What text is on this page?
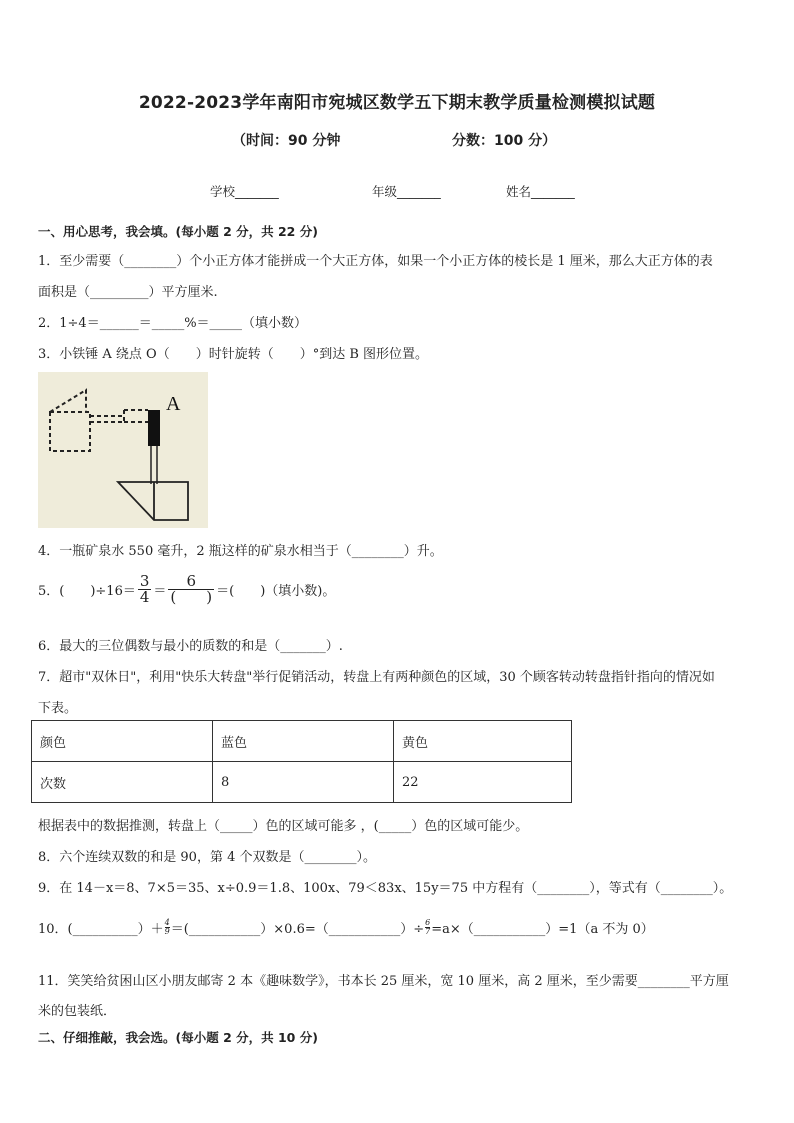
2022-2023学年南阳市宛城区数学五下期末教学质量检测模拟试题
（时间：90 分钟	分数：100 分）
学校_______	年级_______	姓名_______
一、用心思考，我会填。(每小题 2 分，共 22 分)
1．至少需要（________）个小正方体才能拼成一个大正方体，如果一个小正方体的棱长是 1 厘米，那么大正方体的表
面积是（_________）平方厘米.
2．1÷4＝______＝_____%＝_____（填小数）
3．小铁锤 A 绕点 O（　　）时针旋转（　　）°到达 B 图形位置。
A
4．一瓶矿泉水 550 毫升，2 瓶这样的矿泉水相当于（________）升。
5．(　　)$\div 16= \frac{3}{4} = \frac{6}{( )}$ ＝(　　)（填小数)。
6．最大的三位偶数与最小的质数的和是（_______）.
7．超市"双休日"，利用"快乐大转盘"举行促销活动，转盘上有两种颜色的区域，30 个顾客转动转盘指针指向的情况如
下表。
颜色	蓝色	黄色
次数	8	22
根据表中的数据推测，转盘上（_____）色的区域可能多 ，(_____）色的区域可能少。
8．六个连续双数的和是 90，第 4 个双数是（________）。
9．在 14－x＝8、7×5＝35、x÷0.9＝1.8、100x、79＜83x、15y＝75 中方程有（________），等式有（________）。
10．(__________）＋ $\frac{4}{9}$ ＝(___________）×0.6=（___________）÷ $\frac{6}{7}$ =a×（___________）=1（a 不为 0）
11．笑笑给贫困山区小朋友邮寄 2 本《趣味数学》，书本长 25 厘米，宽 10 厘米，高 2 厘米，至少需要________平方厘
米的包装纸．
二、仔细推敲，我会选。(每小题 2 分，共 10 分)
